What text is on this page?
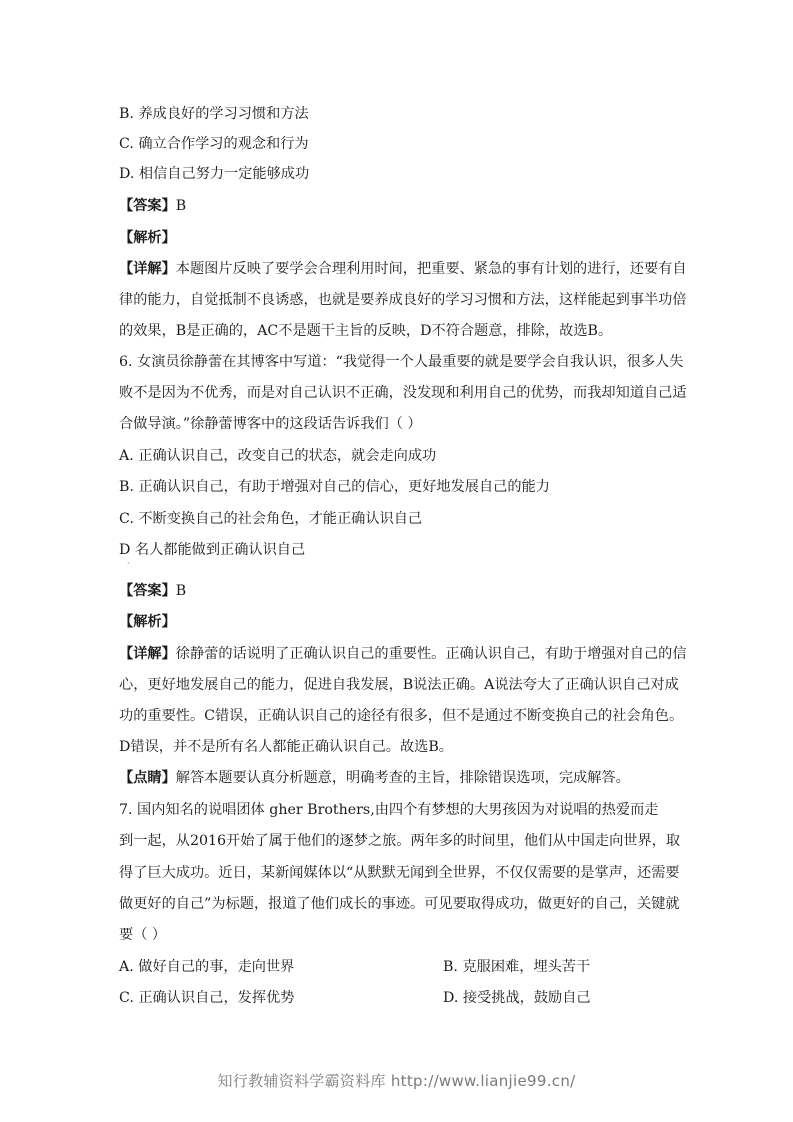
B. 养成良好的学习习惯和方法
C. 确立合作学习的观念和行为
D. 相信自己努力一定能够成功
【答案】B
【解析】
【详解】本题图片反映了要学会合理利用时间，把重要、紧急的事有计划的进行，还要有自
律的能力，自觉抵制不良诱惑，也就是要养成良好的学习习惯和方法，这样能起到事半功倍
的效果，B是正确的，AC不是题干主旨的反映，D不符合题意，排除，故选B。
6. 女演员徐静蕾在其博客中写道：“我觉得一个人最重要的就是要学会自我认识，很多人失
败不是因为不优秀，而是对自己认识不正确，没发现和利用自己的优势，而我却知道自己适
合做导演。”徐静蕾博客中的这段话告诉我们（ ）
A. 正确认识自己，改变自己的状态，就会走向成功
B. 正确认识自己，有助于增强对自己的信心，更好地发展自己的能力
C. 不断变换自己的社会角色，才能正确认识自己
D 名人都能做到正确认识自己
·
【答案】B
【解析】
【详解】徐静蕾的话说明了正确认识自己的重要性。正确认识自己，有助于增强对自己的信
心，更好地发展自己的能力，促进自我发展，B说法正确。A说法夸大了正确认识自己对成
功的重要性。C错误，正确认识自己的途径有很多，但不是通过不断变换自己的社会角色。
D错误，并不是所有名人都能正确认识自己。故选B。
【点睛】解答本题要认真分析题意，明确考查的主旨，排除错误选项，完成解答。
7. 国内知名的说唱团体 gher Brothers,由四个有梦想的大男孩因为对说唱的热爱而走
到一起，从2016开始了属于他们的逐梦之旅。两年多的时间里，他们从中国走向世界，取
得了巨大成功。近日，某新闻媒体以“从默默无闻到全世界，不仅仅需要的是掌声，还需要
做更好的自己”为标题，报道了他们成长的事迹。可见要取得成功，做更好的自己，关键就
要（ ）
A. 做好自己的事，走向世界	B. 克服困难，埋头苦干
C. 正确认识自己，发挥优势	D. 接受挑战，鼓励自己
知行教辅资料学霸资料库 http://www.lianjie99.cn/
